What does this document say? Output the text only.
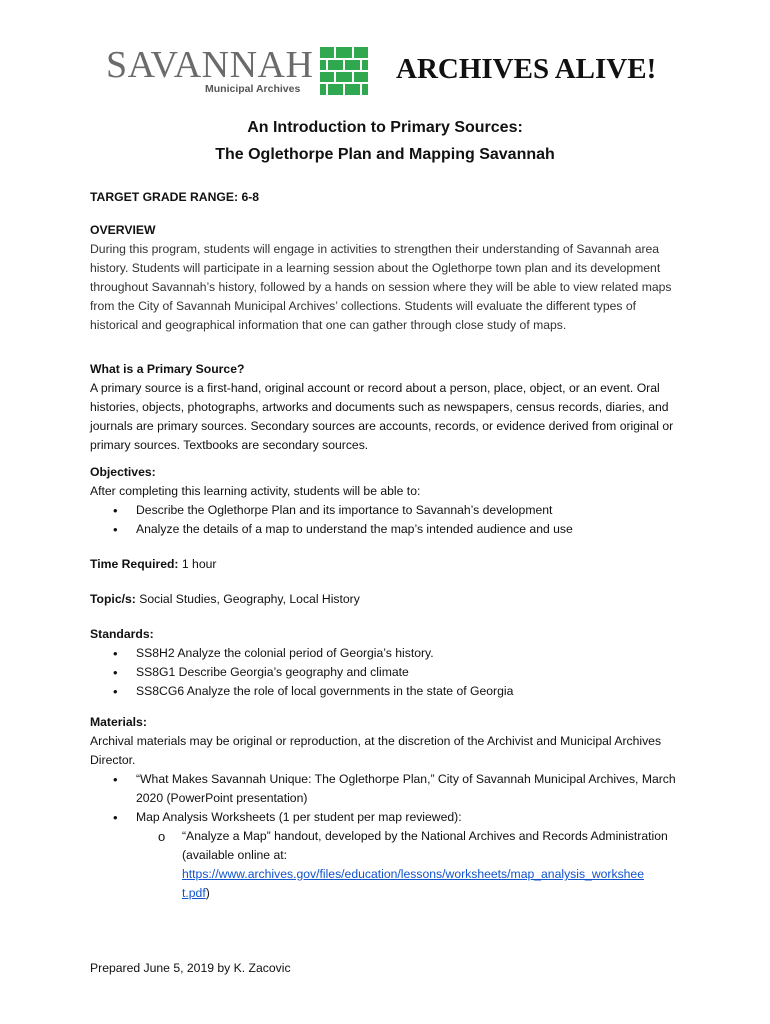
SAVANNAH
Municipal Archives
ARCHIVES ALIVE!
An Introduction to Primary Sources:
The Oglethorpe Plan and Mapping Savannah
TARGET GRADE RANGE: 6-8

OVERVIEW

During this program, students will engage in activities to strengthen their understanding of Savannah area history. Students will participate in a learning session about the Oglethorpe town plan and its development throughout Savannah’s history, followed by a hands on session where they will be able to view related maps from the City of Savannah Municipal Archives’ collections. Students will evaluate the different types of historical and geographical information that one can gather through close study of maps.

What is a Primary Source?

A primary source is a first-hand, original account or record about a person, place, object, or an event. Oral histories, objects, photographs, artworks and documents such as newspapers, census records, diaries, and journals are primary sources. Secondary sources are accounts, records, or evidence derived from original or primary sources. Textbooks are secondary sources.

Objectives:

After completing this learning activity, students will be able to:

• Describe the Oglethorpe Plan and its importance to Savannah’s development
• Analyze the details of a map to understand the map’s intended audience and use
Time Required: 1 hour
Topic/s: Social Studies, Geography, Local History

Standards:

• SS8H2 Analyze the colonial period of Georgia’s history.
• SS8G1 Describe Georgia’s geography and climate
• SS8CG6 Analyze the role of local governments in the state of Georgia

Materials:

Archival materials may be original or reproduction, at the discretion of the Archivist and Municipal Archives Director.

• “What Makes Savannah Unique: The Oglethorpe Plan,” City of Savannah Municipal Archives, March 2020 (PowerPoint presentation)
• Map Analysis Worksheets (1 per student per map reviewed):
o “Analyze a Map” handout, developed by the National Archives and Records Administration (available online at:
https://www.archives.gov/files/education/lessons/worksheets/map_analysis_workshee
t.pdf)
Prepared June 5, 2019 by K. Zacovic
